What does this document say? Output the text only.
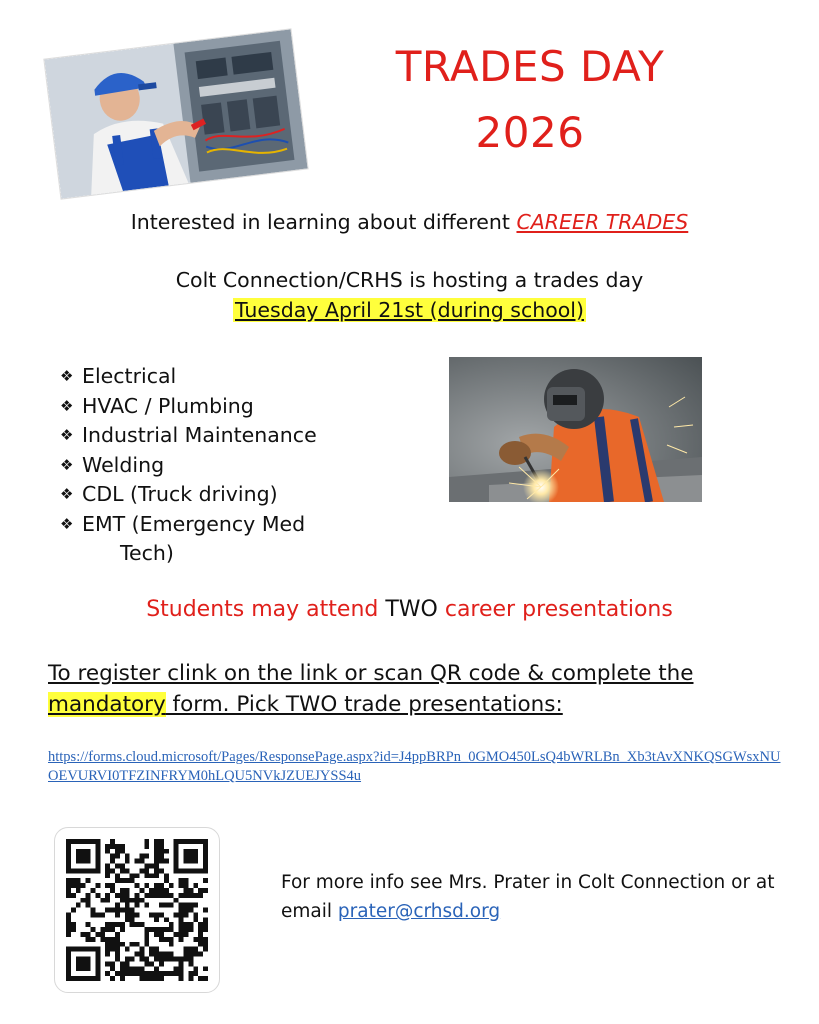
TRADES DAY
2026
Interested in learning about different CAREER TRADES
Colt Connection/CRHS is hosting a trades day
Tuesday April 21st (during school)
❖ Electrical
❖ HVAC / Plumbing
❖ Industrial Maintenance
❖ Welding
❖ CDL (Truck driving)
❖ EMT (Emergency Med
Tech)
Students may attend TWO career presentations
To register clink on the link or scan QR code & complete the
mandatory form. Pick TWO trade presentations:
https://forms.cloud.microsoft/Pages/ResponsePage.aspx?id=J4ppBRPn_0GMO450LsQ4bWRLBn_Xb3tAvXNKQSGWsxNUOEVURVI0TFZINFRYM0hLQU5NVkJZUEJYSS4u
For more info see Mrs. Prater in Colt Connection or at email prater@crhsd.org
